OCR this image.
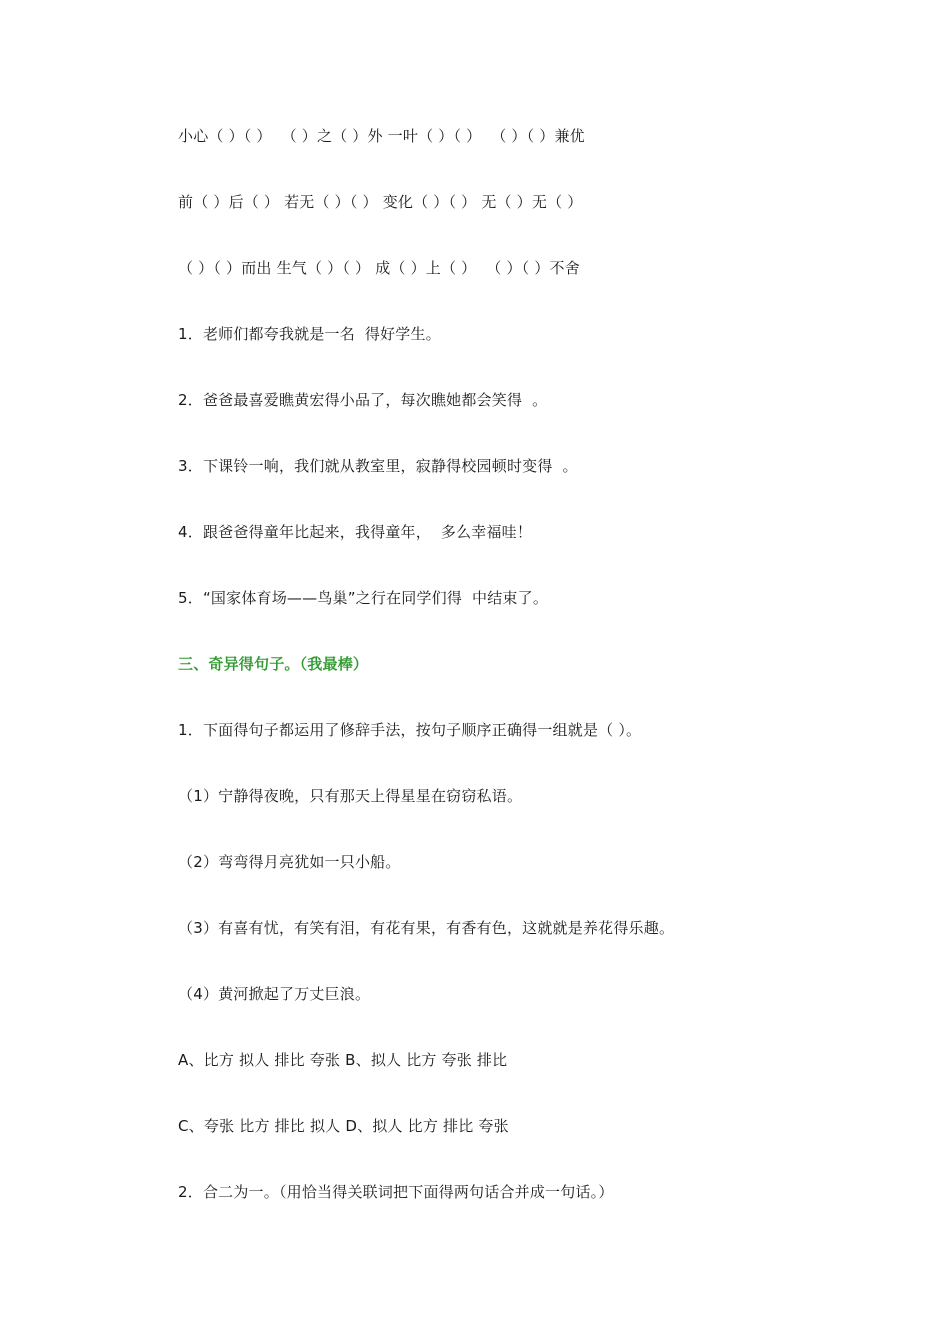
小心（ ）（ ）  （ ）之（ ）外 一叶（ ）（ ）  （ ）（ ）兼优
前（ ）后（ ） 若无（ ）（ ） 变化（ ）（ ） 无（ ）无（ ）
（ ）（ ）而出 生气（ ）（ ） 成（ ）上（ ）  （ ）（ ）不舍
1．老师们都夸我就是一名  得好学生。
2．爸爸最喜爱瞧黄宏得小品了，每次瞧她都会笑得  。
3．下课铃一响，我们就从教室里，寂静得校园顿时变得  。
4．跟爸爸得童年比起来，我得童年，  多么幸福哇！
5．“国家体育场——鸟巢”之行在同学们得  中结束了。
三、奇异得句子。（我最棒）
1．下面得句子都运用了修辞手法，按句子顺序正确得一组就是（ ）。
（1）宁静得夜晚，只有那天上得星星在窃窃私语。
（2）弯弯得月亮犹如一只小船。
（3）有喜有忧，有笑有泪，有花有果，有香有色，这就就是养花得乐趣。
（4）黄河掀起了万丈巨浪。
A、比方 拟人 排比 夸张 B、拟人 比方 夸张 排比
C、夸张 比方 排比 拟人 D、拟人 比方 排比 夸张
2．合二为一。（用恰当得关联词把下面得两句话合并成一句话。）
